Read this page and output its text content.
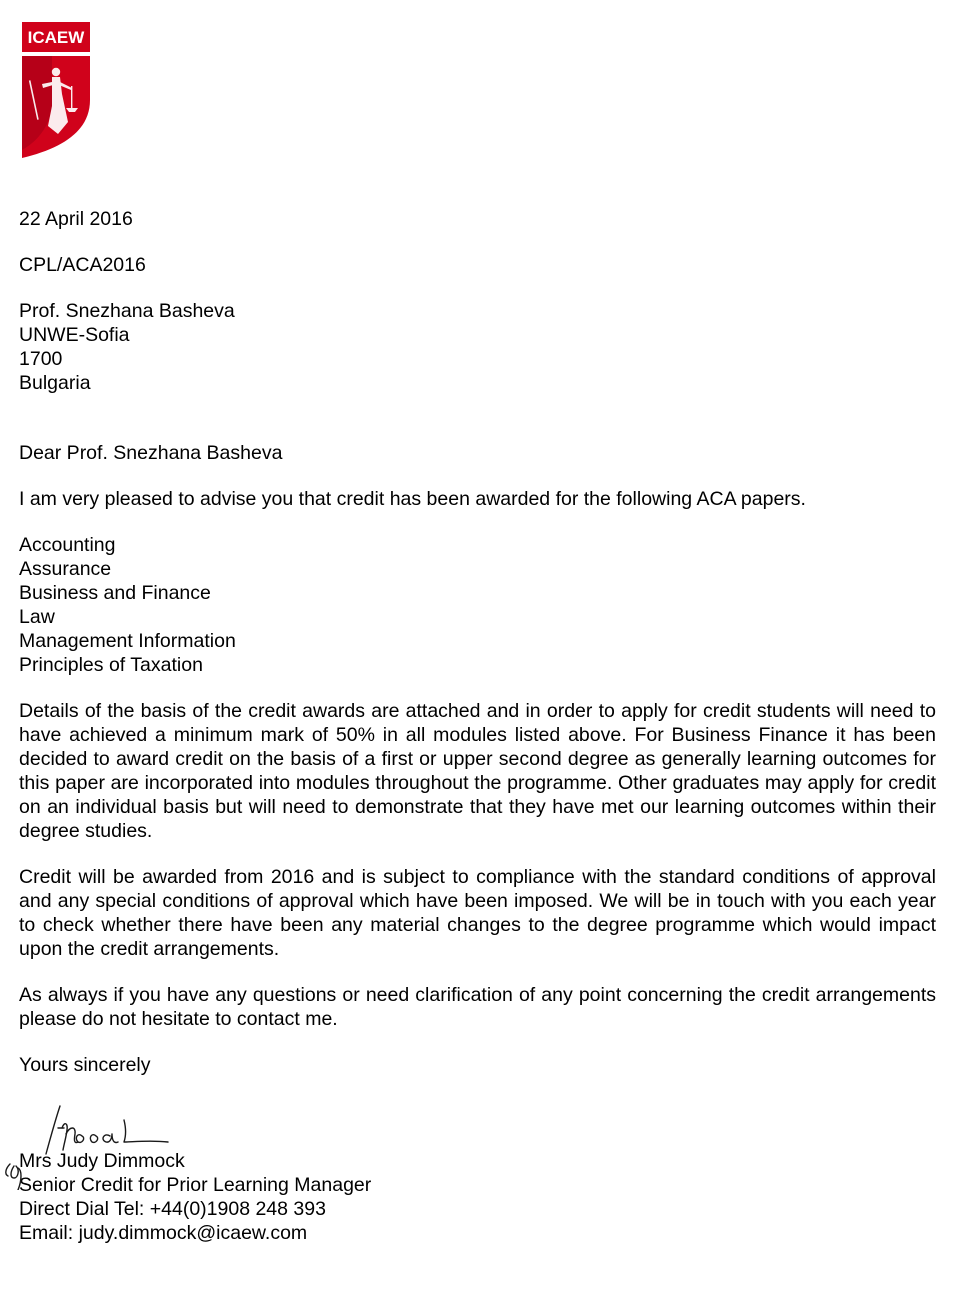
ICAEW
22 April 2016
CPL/ACA2016
Prof. Snezhana Basheva
UNWE-Sofia
1700
Bulgaria
Dear Prof. Snezhana Basheva
I am very pleased to advise you that credit has been awarded for the following ACA papers.
Accounting
Assurance
Business and Finance
Law
Management Information
Principles of Taxation
Details of the basis of the credit awards are attached and in order to apply for credit students will need to have achieved a minimum mark of 50% in all modules listed above. For Business Finance it has been decided to award credit on the basis of a first or upper second degree as generally learning outcomes for this paper are incorporated into modules throughout the programme. Other graduates may apply for credit on an individual basis but will need to demonstrate that they have met our learning outcomes within their degree studies.
Credit will be awarded from 2016 and is subject to compliance with the standard conditions of approval and any special conditions of approval which have been imposed. We will be in touch with you each year to check whether there have been any material changes to the degree programme which would impact upon the credit arrangements.
As always if you have any questions or need clarification of any point concerning the credit arrangements please do not hesitate to contact me.
Yours sincerely
Mrs Judy Dimmock
Senior Credit for Prior Learning Manager
Direct Dial Tel: +44(0)1908 248 393
Email: judy.dimmock@icaew.com
